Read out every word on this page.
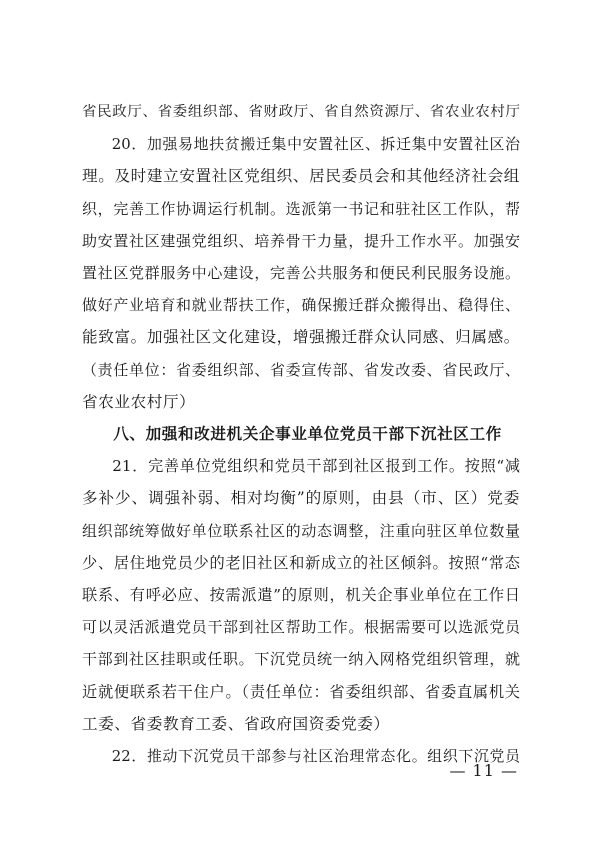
省民政厅、省委组织部、省财政厅、省自然资源厅、省农业农村厅

20．加强易地扶贫搬迁集中安置社区、拆迁集中安置社区治
理。及时建立安置社区党组织、居民委员会和其他经济社会组
织，完善工作协调运行机制。选派第一书记和驻社区工作队，帮
助安置社区建强党组织、培养骨干力量，提升工作水平。加强安
置社区党群服务中心建设，完善公共服务和便民利民服务设施。
做好产业培育和就业帮扶工作，确保搬迁群众搬得出、稳得住、
能致富。加强社区文化建设，增强搬迁群众认同感、归属感。
（责任单位：省委组织部、省委宣传部、省发改委、省民政厅、
省农业农村厅）

八、加强和改进机关企事业单位党员干部下沉社区工作

21．完善单位党组织和党员干部到社区报到工作。按照“减
多补少、调强补弱、相对均衡”的原则，由县（市、区）党委
组织部统筹做好单位联系社区的动态调整，注重向驻区单位数量
少、居住地党员少的老旧社区和新成立的社区倾斜。按照“常态
联系、有呼必应、按需派遣”的原则，机关企事业单位在工作日
可以灵活派遣党员干部到社区帮助工作。根据需要可以选派党员
干部到社区挂职或任职。下沉党员统一纳入网格党组织管理，就
近就便联系若干住户。（责任单位：省委组织部、省委直属机关
工委、省委教育工委、省政府国资委党委）

22．推动下沉党员干部参与社区治理常态化。组织下沉党员

— 11 —
